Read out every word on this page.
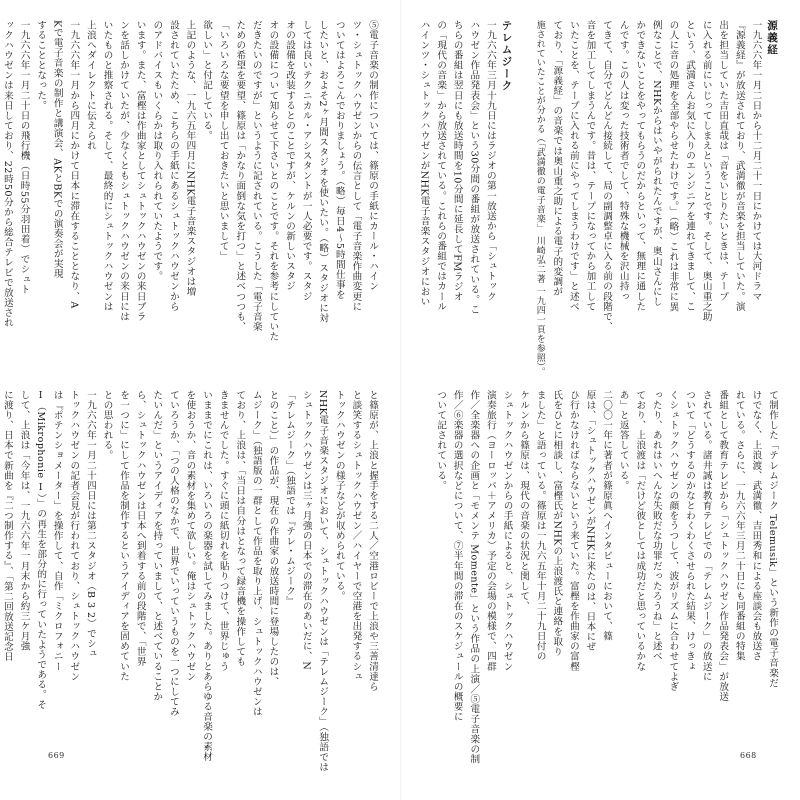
源義経
一九六六年一月二日から十二月二十一日にかけては大河ドラマ
『源義経』が放送されており、武満徹が音楽を担当していた。演
出を担当していた吉田直哉は「音をいじりたいときは、テープ
に入れる前にいじってしまえということです。そして、奥山重之助
という、武満さんお気に入りのエンジニアを連れてきまして、こ
の人に音の処理を全部やらせたわけです。」（略）これは非常に異
例なことで、NHKからはいやがられたんですが、奥山さんにし
かできないことをやってもらうのだからといって、無理に通した
んです。この人は変った技術者でして、特殊な機械を沢山持っ
てきて、自分でどんどん接続して、局の副調整卓に入る前の段階で、
音を加工してしまうんです。昔は、テープになってから加工して
いたことを、テープに入れる前にやってしまうわけです」と述べ
ており、「源義経」の音楽では奥山重之助による電子的変調が
施されていたことが分かる（「武満徹の電子音楽」 川崎弘二著 一九四一頁を参照）。

テレムジーク
一九六六年三月十九日にはラジオの第一放送から「シュトック
ハウゼン作品発表会」という30分間の番組が放送されている。こ
ちらの番組は翌日にも放送時間を10分間に延長してFMラジオ
の「現代の音楽」から放送されている。これらの番組ではカール
ハインツ・シュトックハウゼンがNHK電子音楽スタジオにおい
て制作した「テレムジーク Telemusik」という新作の電子音楽だ
けでなく、上浪渡、武満徹、吉田秀和による座談会も放送さ
れている。さらに、一九六六年三月二十日にも同番組の特集
番組として教育テレビから「シュトックハウゼン作品発表会」が放送
されている。諸井誠は教育テレビでの「テレムジーク」の放送に
ついて「どうするのかなとわくわくさせられた結果、けっきょ
くシュトックハウゼンの顔をうつして、波がリズムに合わせてよぎ
ったり、あれはいへんな失敗だな功罪だったろうね」と述べ
ており、上浪渡は「だけど彼としては成功だと思っているかな
あ」と返答している。
二〇〇一年に著者が篠原眞へインタビューにおいて、篠
原は、「シュトックハウゼンがNHKに来たのは、日本にぜ
ひ行かなければならないという来ていた。富樫を作曲家の富樫
氏をひとに相談し、富樫氏がNHKの上浪渡氏と連絡を取り
ました」と語っている。篠原は一九六五年十月二十九日付の
ケルンから篠原は、現代の音楽の状況と関して、
シュトックハウゼンからの手紙によると、シュトックハウゼン
演奏旅行（ヨーロッパ＋アメリカ）予定の会場の模様で、四群
作／全楽器への企画と「モメンテ Momente」という作品の上演／⑤電子音楽の制
作／⑥楽器の選択などについて、⑦半年間の滞在のスケジュールの概要に
ついて記されている。
668
⑤電子音楽の制作については、篠原の手紙にカール・ハイン
ツ・シュトックハウゼンからの伝言として「電子音楽作曲変更に
ついてはよろこんでおりましょう。（略）毎日4〜5時間仕事を
したいと、およそ2ヶ月間スタジオを使いたい。（略）スタジオに対
しては良いテクニカル・アシスタントが一人必要です。スタジ
オの設備を改装するとのことですが、ケルンの新しいスタジ
オの設備について知らせて下さいとのことです。それを参考にしていた
だきたいのですが」というように記されている。こうした「電子音楽
ための希望を要望、篠原は「かなり面倒な気を打つ」と述べつつも、
「いろいろな要望を申し出ておきたいと思いまして」
欲しい」と付記している。
上記のような、一九六五年四月にNHK電子音楽スタジオは増
設されていたため、こちらの手紙にあるシュトックハウゼンから
のアドバイスもいくらかは取り入れられていたようです。
います。また、富樫は作曲家としてシュトックハウゼンの来日ブラ
ンを話しかけていたが、少なくともシュトックハウゼンの来日には
いたものと推察される。そして、最終的にシュトックハウゼンは
上浪へダイレクトに伝えられ
一九六六年一月から四月にかけて日本に滞在することとなり、A
Kで電子音楽の制作と講演会、AKとBKでの演奏会が実現
することとなった。
一九六六年一月二十日の飛行機（日時55分羽田着）でシュト
ックハウゼンは来日しており、22時50分から総合テレビで放送され
と篠原が、上浪と握手をする二人／空港ロビーで上浪や三善清達ら
と談笑するシュトックハウゼン／ハイヤーで空港を出発するシュ
トックハウゼンの様子などが収められている。
NHK電子音楽スタジオにおいて、シュトックハウゼンは「テレムジーク」（独語では
シュトックハウゼンは三ヶ月強の日本での滞在のあいだに、N
「テレムジーク」（独語では『テレ・ムジーク』
とのこと）」の作品が、現在の作曲家の放送時間に登場したのは、
ムジーク」（独語版の一群として作品を取り上げ、シュトックハウゼンは
ており、上浪は、「当日は自分はとなって録音機を操作しても
きませんでした。すぐに頭に紙切れを貼りつけて、世界じゅう
いままでにこれは、いろいろの楽器を試してみました。ありとあらゆる音楽の素材
を使おうか、音の素材を集めて欲しい。俺はシュトックハウゼン
ていろうか、「つの人格のなかで、世界でいっていうものを一つにしてみ
たいんだ」というアイディアを持っていまして、と述べていることか
ら、シュトックハウゼンは日本へ到着する前の段階で、「世界
を一つに」にして作品を制作するというアイディアを固めていた
との思われる。
一九六六年一月二十四日には第二スタジオ（B 3 2）でシュ
トックハウゼンの記者会見が行われており、シュトックハウゼン
は『ポテンショメーター」を操作して、自作「ミクロフォニー
Ⅰ（Mikrophonie Ⅰ）」の再生を部分的に行っていたようである。そ
して、上浪は「今年は、一九六六年一月末から約三ケ月強
に渡り、日本で新曲を『二つ制作する』、「第二回放送記念日
669
